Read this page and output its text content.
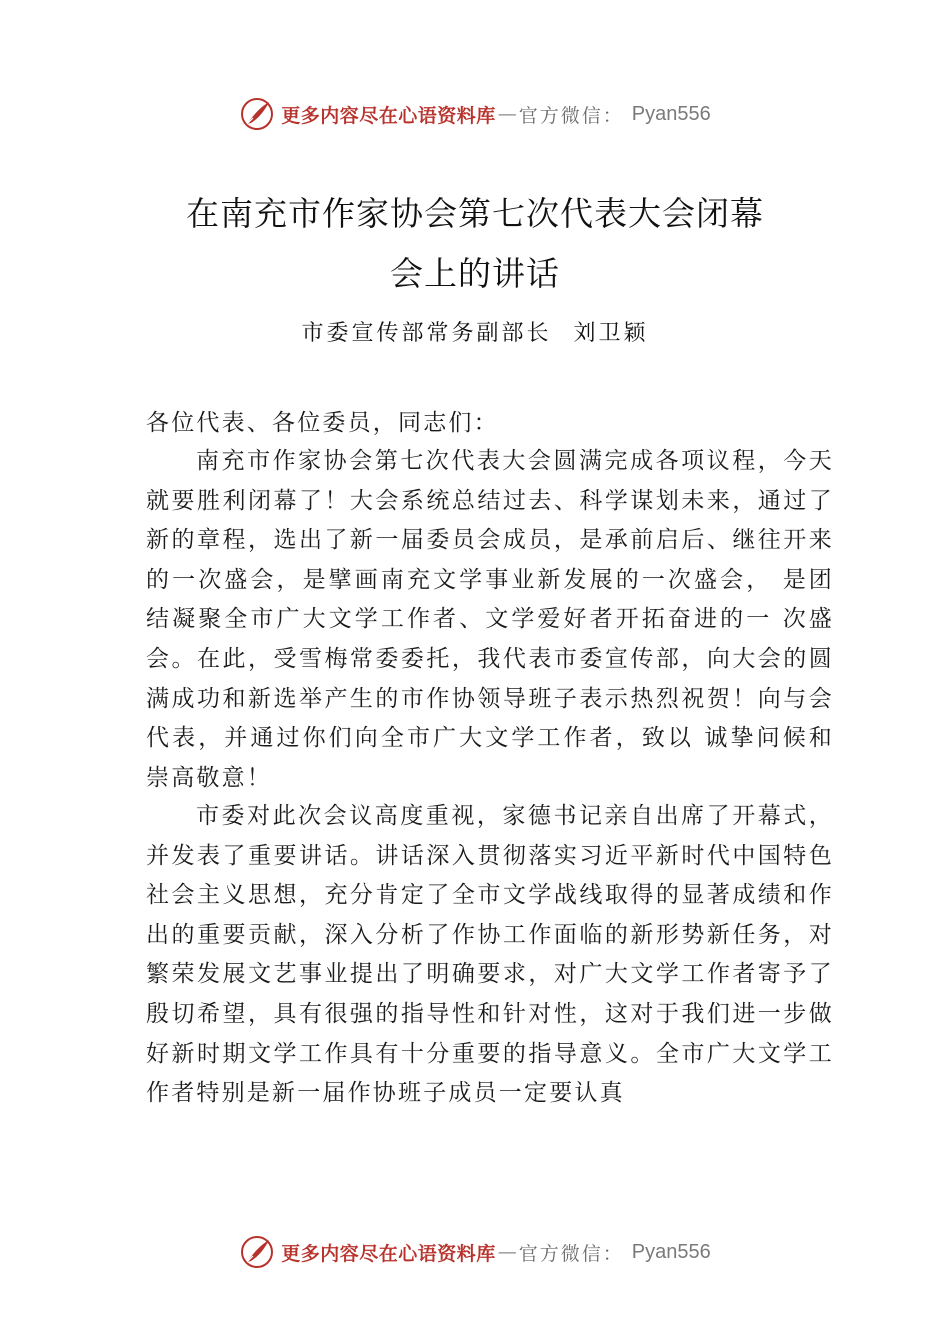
更多内容尽在心语资料库 — 官方微信： Pyan556
在南充市作家协会第七次代表大会闭幕
会上的讲话
市委宣传部常务副部长 刘卫颖
各位代表、各位委员，同志们：

南充市作家协会第七次代表大会圆满完成各项议程，今天就要胜利闭幕了！大会系统总结过去、科学谋划未来，通过了新的章程，选出了新一届委员会成员，是承前启后、继往开来的一次盛会，是擘画南充文学事业新发展的一次盛会， 是团结凝聚全市广大文学工作者、文学爱好者开拓奋进的一 次盛会。在此，受雪梅常委委托，我代表市委宣传部，向大会的圆满成功和新选举产生的市作协领导班子表示热烈祝贺！向与会代表，并通过你们向全市广大文学工作者，致以 诚挚问候和崇高敬意！

市委对此次会议高度重视，家德书记亲自出席了开幕式，并发表了重要讲话。讲话深入贯彻落实习近平新时代中国特色社会主义思想，充分肯定了全市文学战线取得的显著成绩和作出的重要贡献，深入分析了作协工作面临的新形势新任务，对繁荣发展文艺事业提出了明确要求，对广大文学工作者寄予了殷切希望，具有很强的指导性和针对性，这对于我们进一步做好新时期文学工作具有十分重要的指导意义。全市广大文学工作者特别是新一届作协班子成员一定要认真

更多内容尽在心语资料库 — 官方微信： Pyan556
